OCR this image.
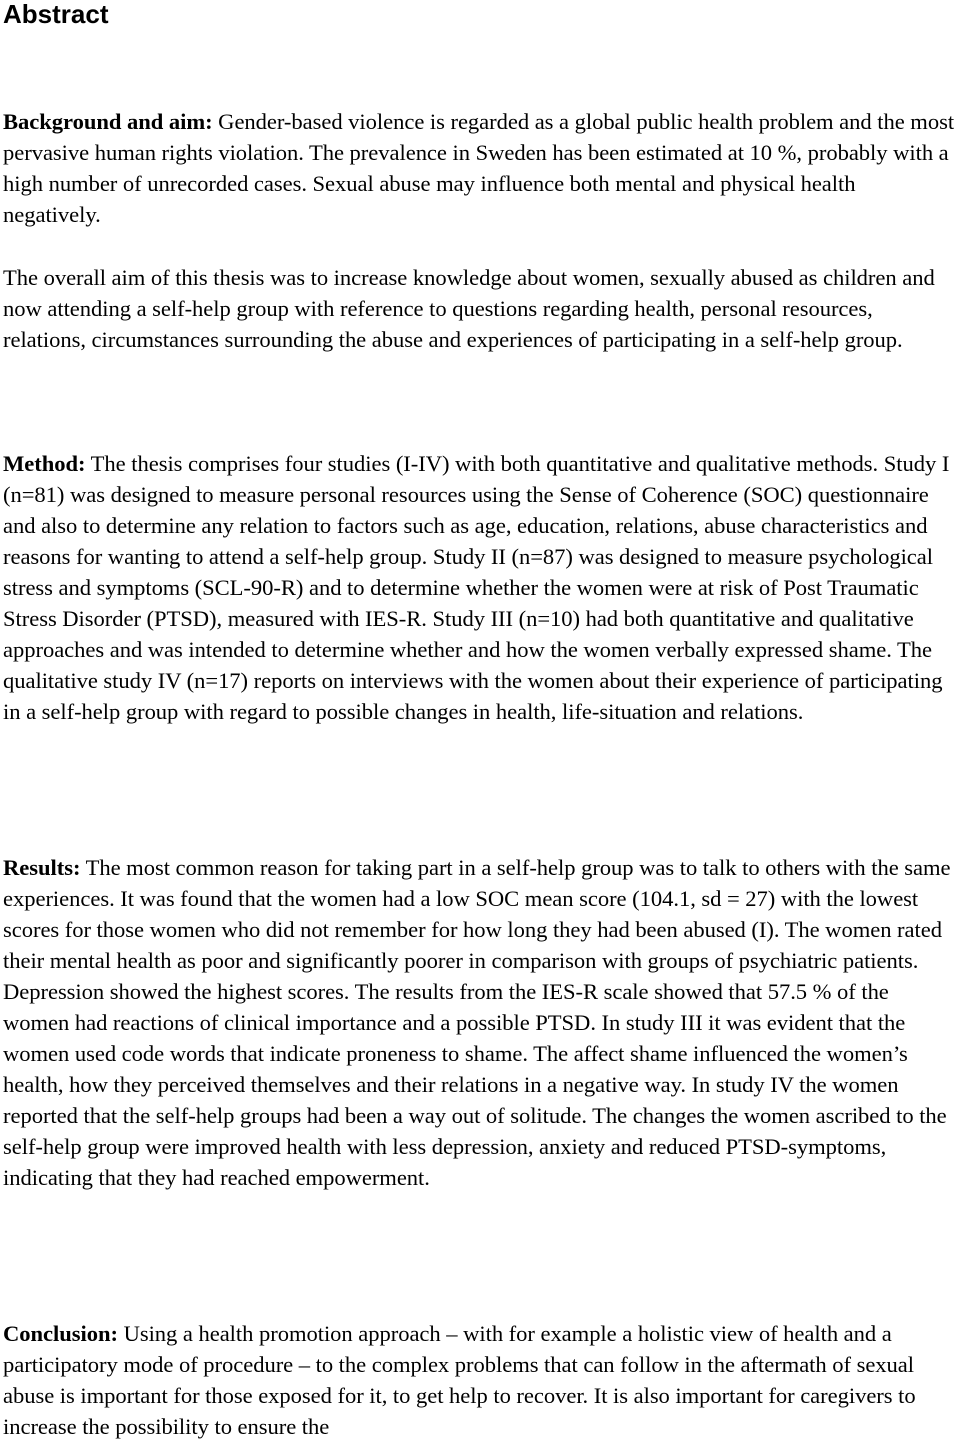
Abstract

Background and aim: Gender-based violence is regarded as a global public health problem and the most pervasive human rights violation. The prevalence in Sweden has been estimated at 10 %, probably with a high number of unrecorded cases. Sexual abuse may influence both mental and physical health negatively.

The overall aim of this thesis was to increase knowledge about women, sexually abused as children and now attending a self-help group with reference to questions regarding health, personal resources, relations, circumstances surrounding the abuse and experiences of participating in a self-help group.

Method: The thesis comprises four studies (I-IV) with both quantitative and qualitative methods. Study I (n=81) was designed to measure personal resources using the Sense of Coherence (SOC) questionnaire and also to determine any relation to factors such as age, education, relations, abuse characteristics and reasons for wanting to attend a self-help group. Study II (n=87) was designed to measure psychological stress and symptoms (SCL-90-R) and to determine whether the women were at risk of Post Traumatic Stress Disorder (PTSD), measured with IES-R. Study III (n=10) had both quantitative and qualitative approaches and was intended to determine whether and how the women verbally expressed shame. The qualitative study IV (n=17) reports on interviews with the women about their experience of participating in a self-help group with regard to possible changes in health, life-situation and relations.

Results: The most common reason for taking part in a self-help group was to talk to others with the same experiences. It was found that the women had a low SOC mean score (104.1, sd = 27) with the lowest scores for those women who did not remember for how long they had been abused (I). The women rated their mental health as poor and significantly poorer in comparison with groups of psychiatric patients. Depression showed the highest scores. The results from the IES-R scale showed that 57.5 % of the women had reactions of clinical importance and a possible PTSD. In study III it was evident that the women used code words that indicate proneness to shame. The affect shame influenced the women’s health, how they perceived themselves and their relations in a negative way. In study IV the women reported that the self-help groups had been a way out of solitude. The changes the women ascribed to the self-help group were improved health with less depression, anxiety and reduced PTSD-symptoms, indicating that they had reached empowerment.

Conclusion: Using a health promotion approach – with for example a holistic view of health and a participatory mode of procedure – to the complex problems that can follow in the aftermath of sexual abuse is important for those exposed for it, to get help to recover. It is also important for caregivers to increase the possibility to ensure the
